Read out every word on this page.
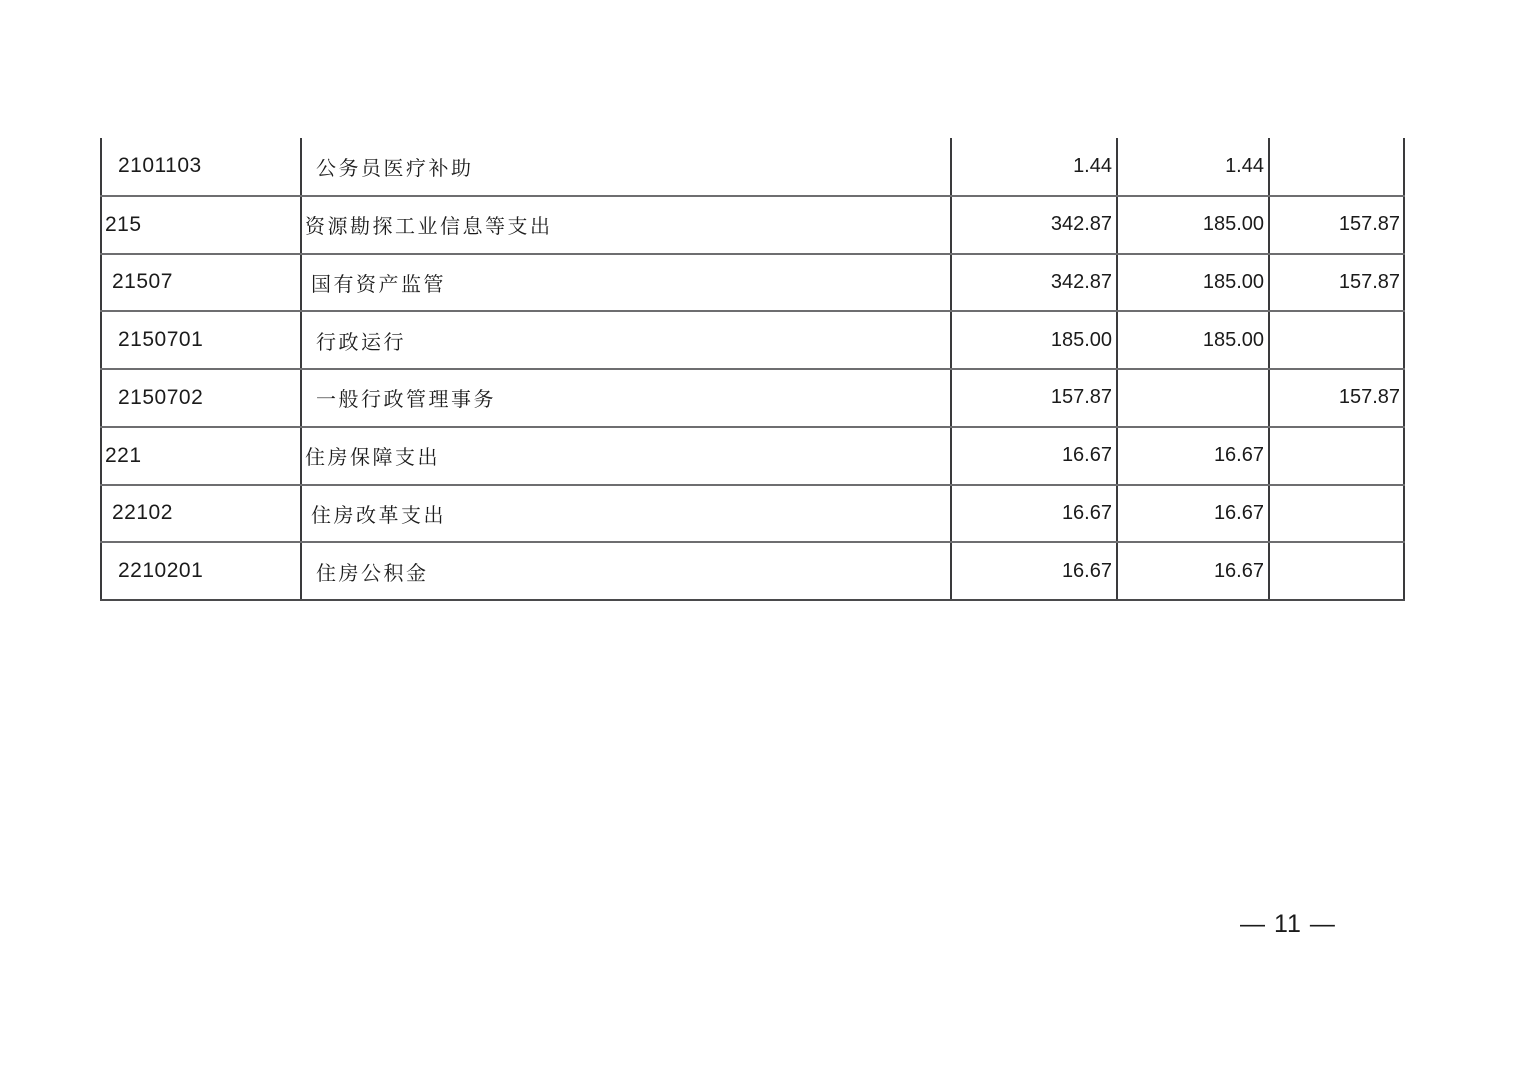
2101103	公务员医疗补助	1.44	1.44	
215	资源勘探工业信息等支出	342.87	185.00	157.87
21507	国有资产监管	342.87	185.00	157.87
2150701	行政运行	185.00	185.00	
2150702	一般行政管理事务	157.87		157.87
221	住房保障支出	16.67	16.67	
22102	住房改革支出	16.67	16.67	
2210201	住房公积金	16.67	16.67	
— 11 —
